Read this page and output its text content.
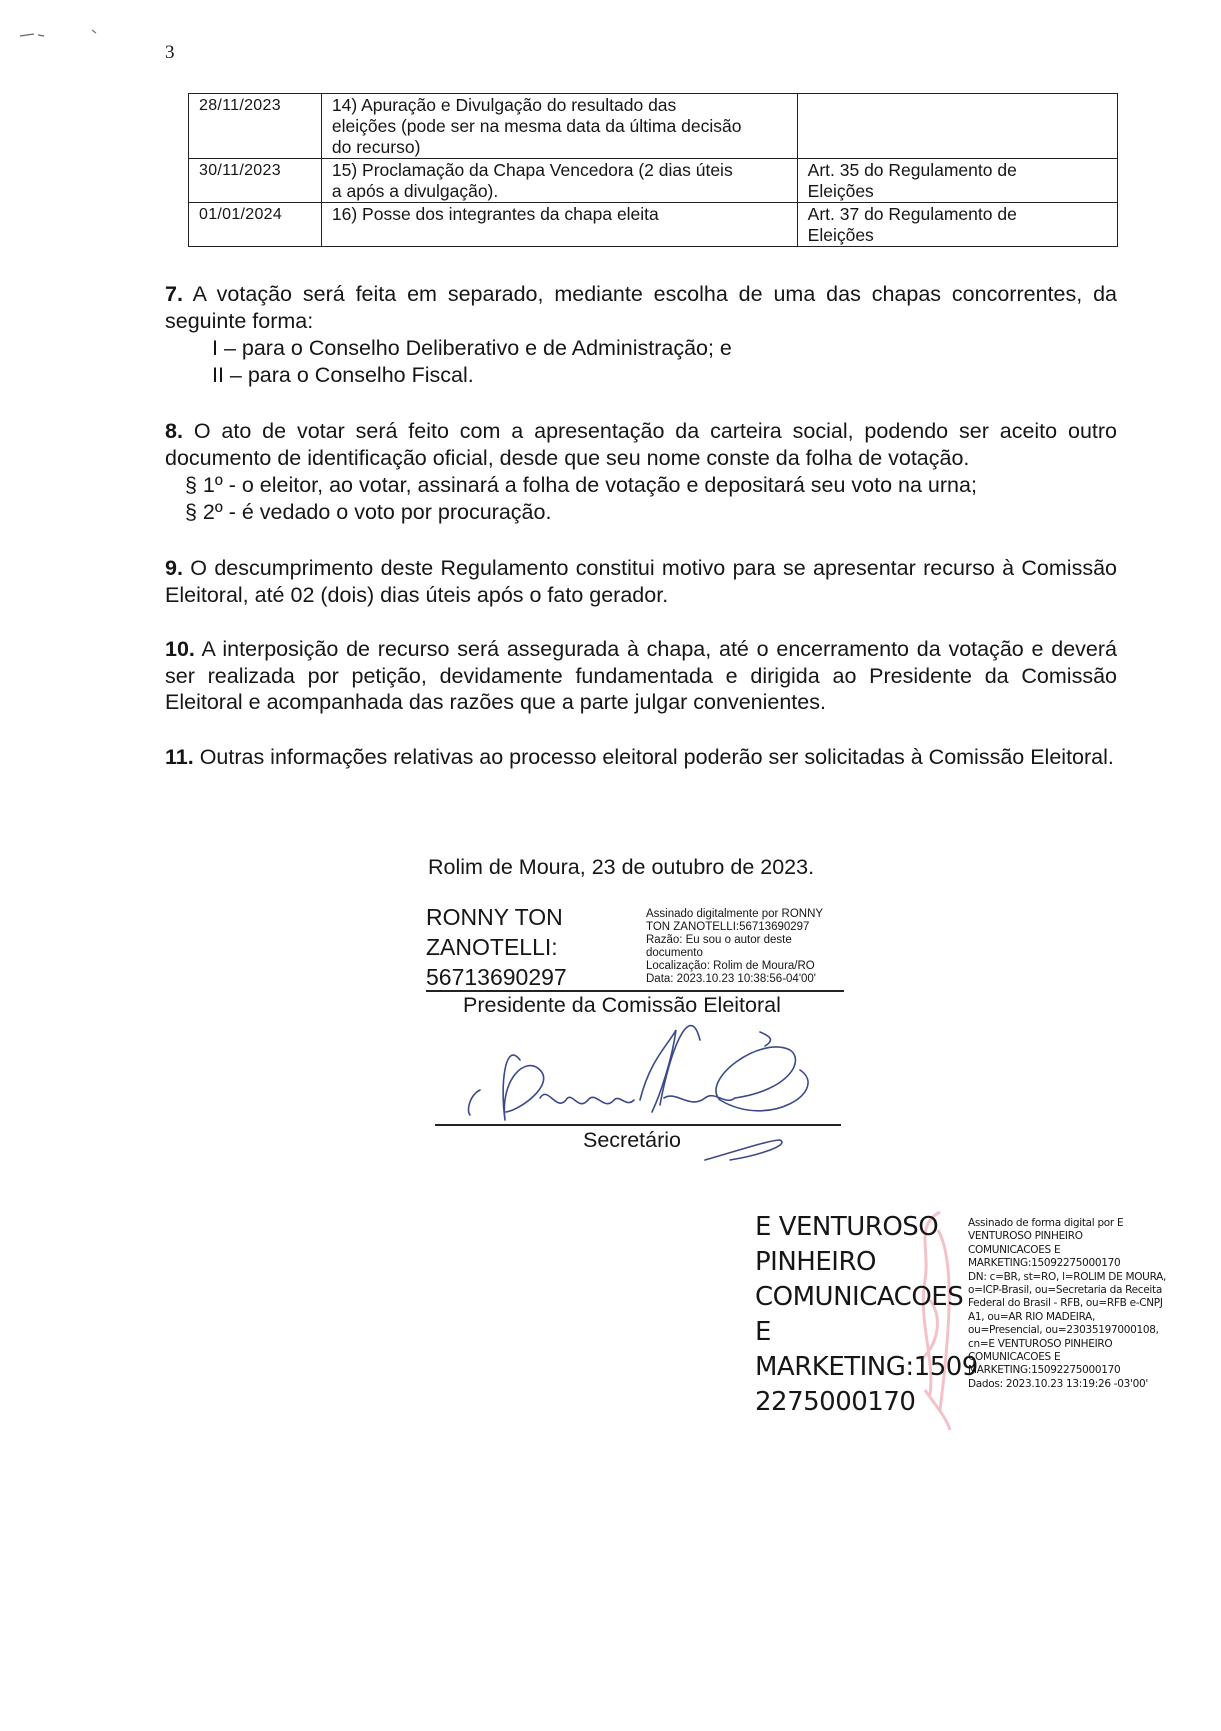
3
28/11/2023	14) Apuração e Divulgação do resultado das
eleições (pode ser na mesma data da última decisão
do recurso)	

30/11/2023	15) Proclamação da Chapa Vencedora (2 dias úteis
a após a divulgação).	Art. 35 do Regulamento de
Eleições

01/01/2024	16) Posse dos integrantes da chapa eleita	Art. 37 do Regulamento de
Eleições

7. A votação será feita em separado, mediante escolha de uma das chapas concorrentes, da seguinte forma:

I – para o Conselho Deliberativo e de Administração; e

II – para o Conselho Fiscal.

8. O ato de votar será feito com a apresentação da carteira social, podendo ser aceito outro documento de identificação oficial, desde que seu nome conste da folha de votação.

§ 1º - o eleitor, ao votar, assinará a folha de votação e depositará seu voto na urna;

§ 2º - é vedado o voto por procuração.

9. O descumprimento deste Regulamento constitui motivo para se apresentar recurso à Comissão Eleitoral, até 02 (dois) dias úteis após o fato gerador.

10. A interposição de recurso será assegurada à chapa, até o encerramento da votação e deverá ser realizada por petição, devidamente fundamentada e dirigida ao Presidente da Comissão Eleitoral e acompanhada das razões que a parte julgar convenientes.

11. Outras informações relativas ao processo eleitoral poderão ser solicitadas à Comissão Eleitoral.

Rolim de Moura, 23 de outubro de 2023.
RONNY TON
ZANOTELLI:
56713690297
Assinado digitalmente por RONNY
TON ZANOTELLI:56713690297
Razão: Eu sou o autor deste
documento
Localização: Rolim de Moura/RO
Data: 2023.10.23 10:38:56-04'00'
Presidente da Comissão Eleitoral
Secretário
E VENTUROSO
PINHEIRO
COMUNICACOES
E
MARKETING:1509
2275000170
Assinado de forma digital por E
VENTUROSO PINHEIRO
COMUNICACOES E
MARKETING:15092275000170
DN: c=BR, st=RO, l=ROLIM DE MOURA,
o=ICP-Brasil, ou=Secretaria da Receita
Federal do Brasil - RFB, ou=RFB e-CNPJ
A1, ou=AR RIO MADEIRA,
ou=Presencial, ou=23035197000108,
cn=E VENTUROSO PINHEIRO
COMUNICACOES E
MARKETING:15092275000170
Dados: 2023.10.23 13:19:26 -03'00'
